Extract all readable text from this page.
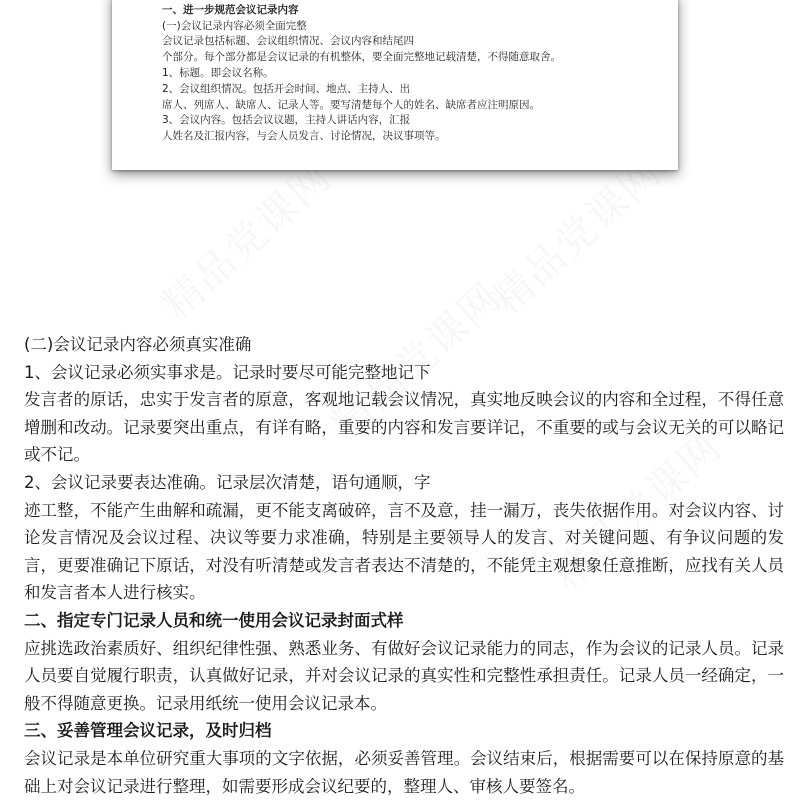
精品党课网	精品党课网
精品党课网
精品党课网
一、进一步规范会议记录内容
(一)会议记录内容必须全面完整
会议记录包括标题、会议组织情况、会议内容和结尾四
个部分。每个部分都是会议记录的有机整体，要全面完整地记载清楚，不得随意取舍。
1、标题。即会议名称。
2、会议组织情况。包括开会时间、地点、主持人、出
席人、列席人、缺席人、记录人等。要写清楚每个人的姓名、缺席者应注明原因。
3、会议内容。包括会议议题，主持人讲话内容，汇报
人姓名及汇报内容，与会人员发言、讨论情况，决议事项等。

(二)会议记录内容必须真实准确

1、会议记录必须实事求是。记录时要尽可能完整地记下

发言者的原话，忠实于发言者的原意，客观地记载会议情况，真实地反映会议的内容和全过程，不得任意增删和改动。记录要突出重点，有详有略，重要的内容和发言要详记，不重要的或与会议无关的可以略记或不记。

2、会议记录要表达准确。记录层次清楚，语句通顺，字

迹工整，不能产生曲解和疏漏，更不能支离破碎，言不及意，挂一漏万，丧失依据作用。对会议内容、讨论发言情况及会议过程、决议等要力求准确，特别是主要领导人的发言、对关键问题、有争议问题的发言，更要准确记下原话，对没有听清楚或发言者表达不清楚的，不能凭主观想象任意推断，应找有关人员和发言者本人进行核实。

二、指定专门记录人员和统一使用会议记录封面式样

应挑选政治素质好、组织纪律性强、熟悉业务、有做好会议记录能力的同志，作为会议的记录人员。记录人员要自觉履行职责，认真做好记录，并对会议记录的真实性和完整性承担责任。记录人员一经确定，一般不得随意更换。记录用纸统一使用会议记录本。

三、妥善管理会议记录，及时归档

会议记录是本单位研究重大事项的文字依据，必须妥善管理。会议结束后，根据需要可以在保持原意的基础上对会议记录进行整理，如需要形成会议纪要的，整理人、审核人要签名。
